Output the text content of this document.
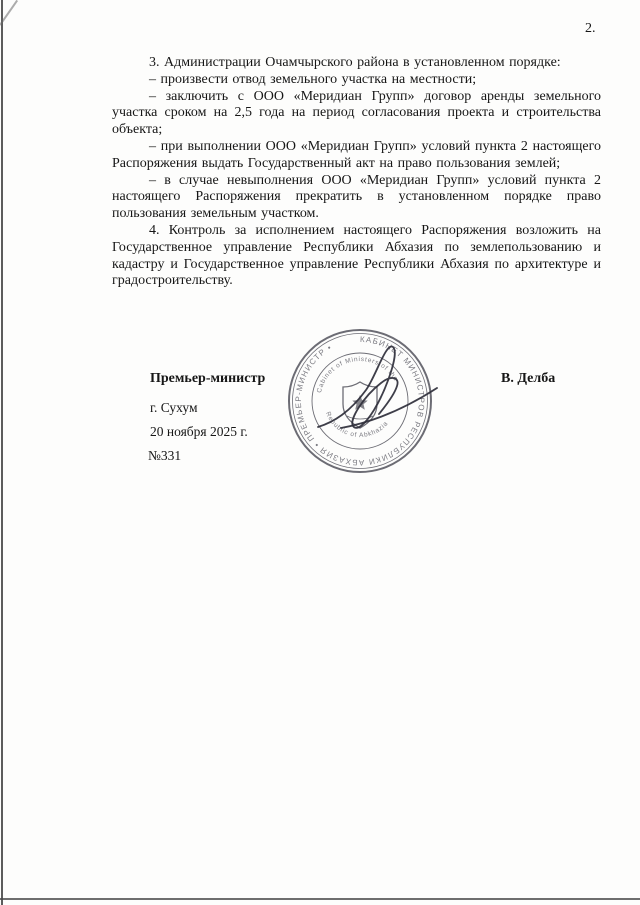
2.

3. Администрации Очамчырского района в установленном порядке:

– произвести отвод земельного участка на местности;

– заключить с ООО «Меридиан Групп» договор аренды земельного участка сроком на 2,5 года на период согласования проекта и строительства объекта;

– при выполнении ООО «Меридиан Групп» условий пункта 2 настоящего Распоряжения выдать Государственный акт на право пользования землей;

– в случае невыполнения ООО «Меридиан Групп» условий пункта 2 настоящего Распоряжения прекратить в установленном порядке право пользования земельным участком.

4. Контроль за исполнением настоящего Распоряжения возложить на Государственное управление Республики Абхазия по землепользованию и кадастру и Государственное управление Республики Абхазия по архитектуре и градостроительству.

Премьер-министр	В. Делба
г. Сухум
20 ноября 2025 г.
№331
КАБИНЕТ МИНИСТРОВ РЕСПУБЛИКИ АБХАЗИЯ • ПРЕМЬЕР-МИНИСТР •
Cabinet of Ministers of the
Republic of Abkhazia
